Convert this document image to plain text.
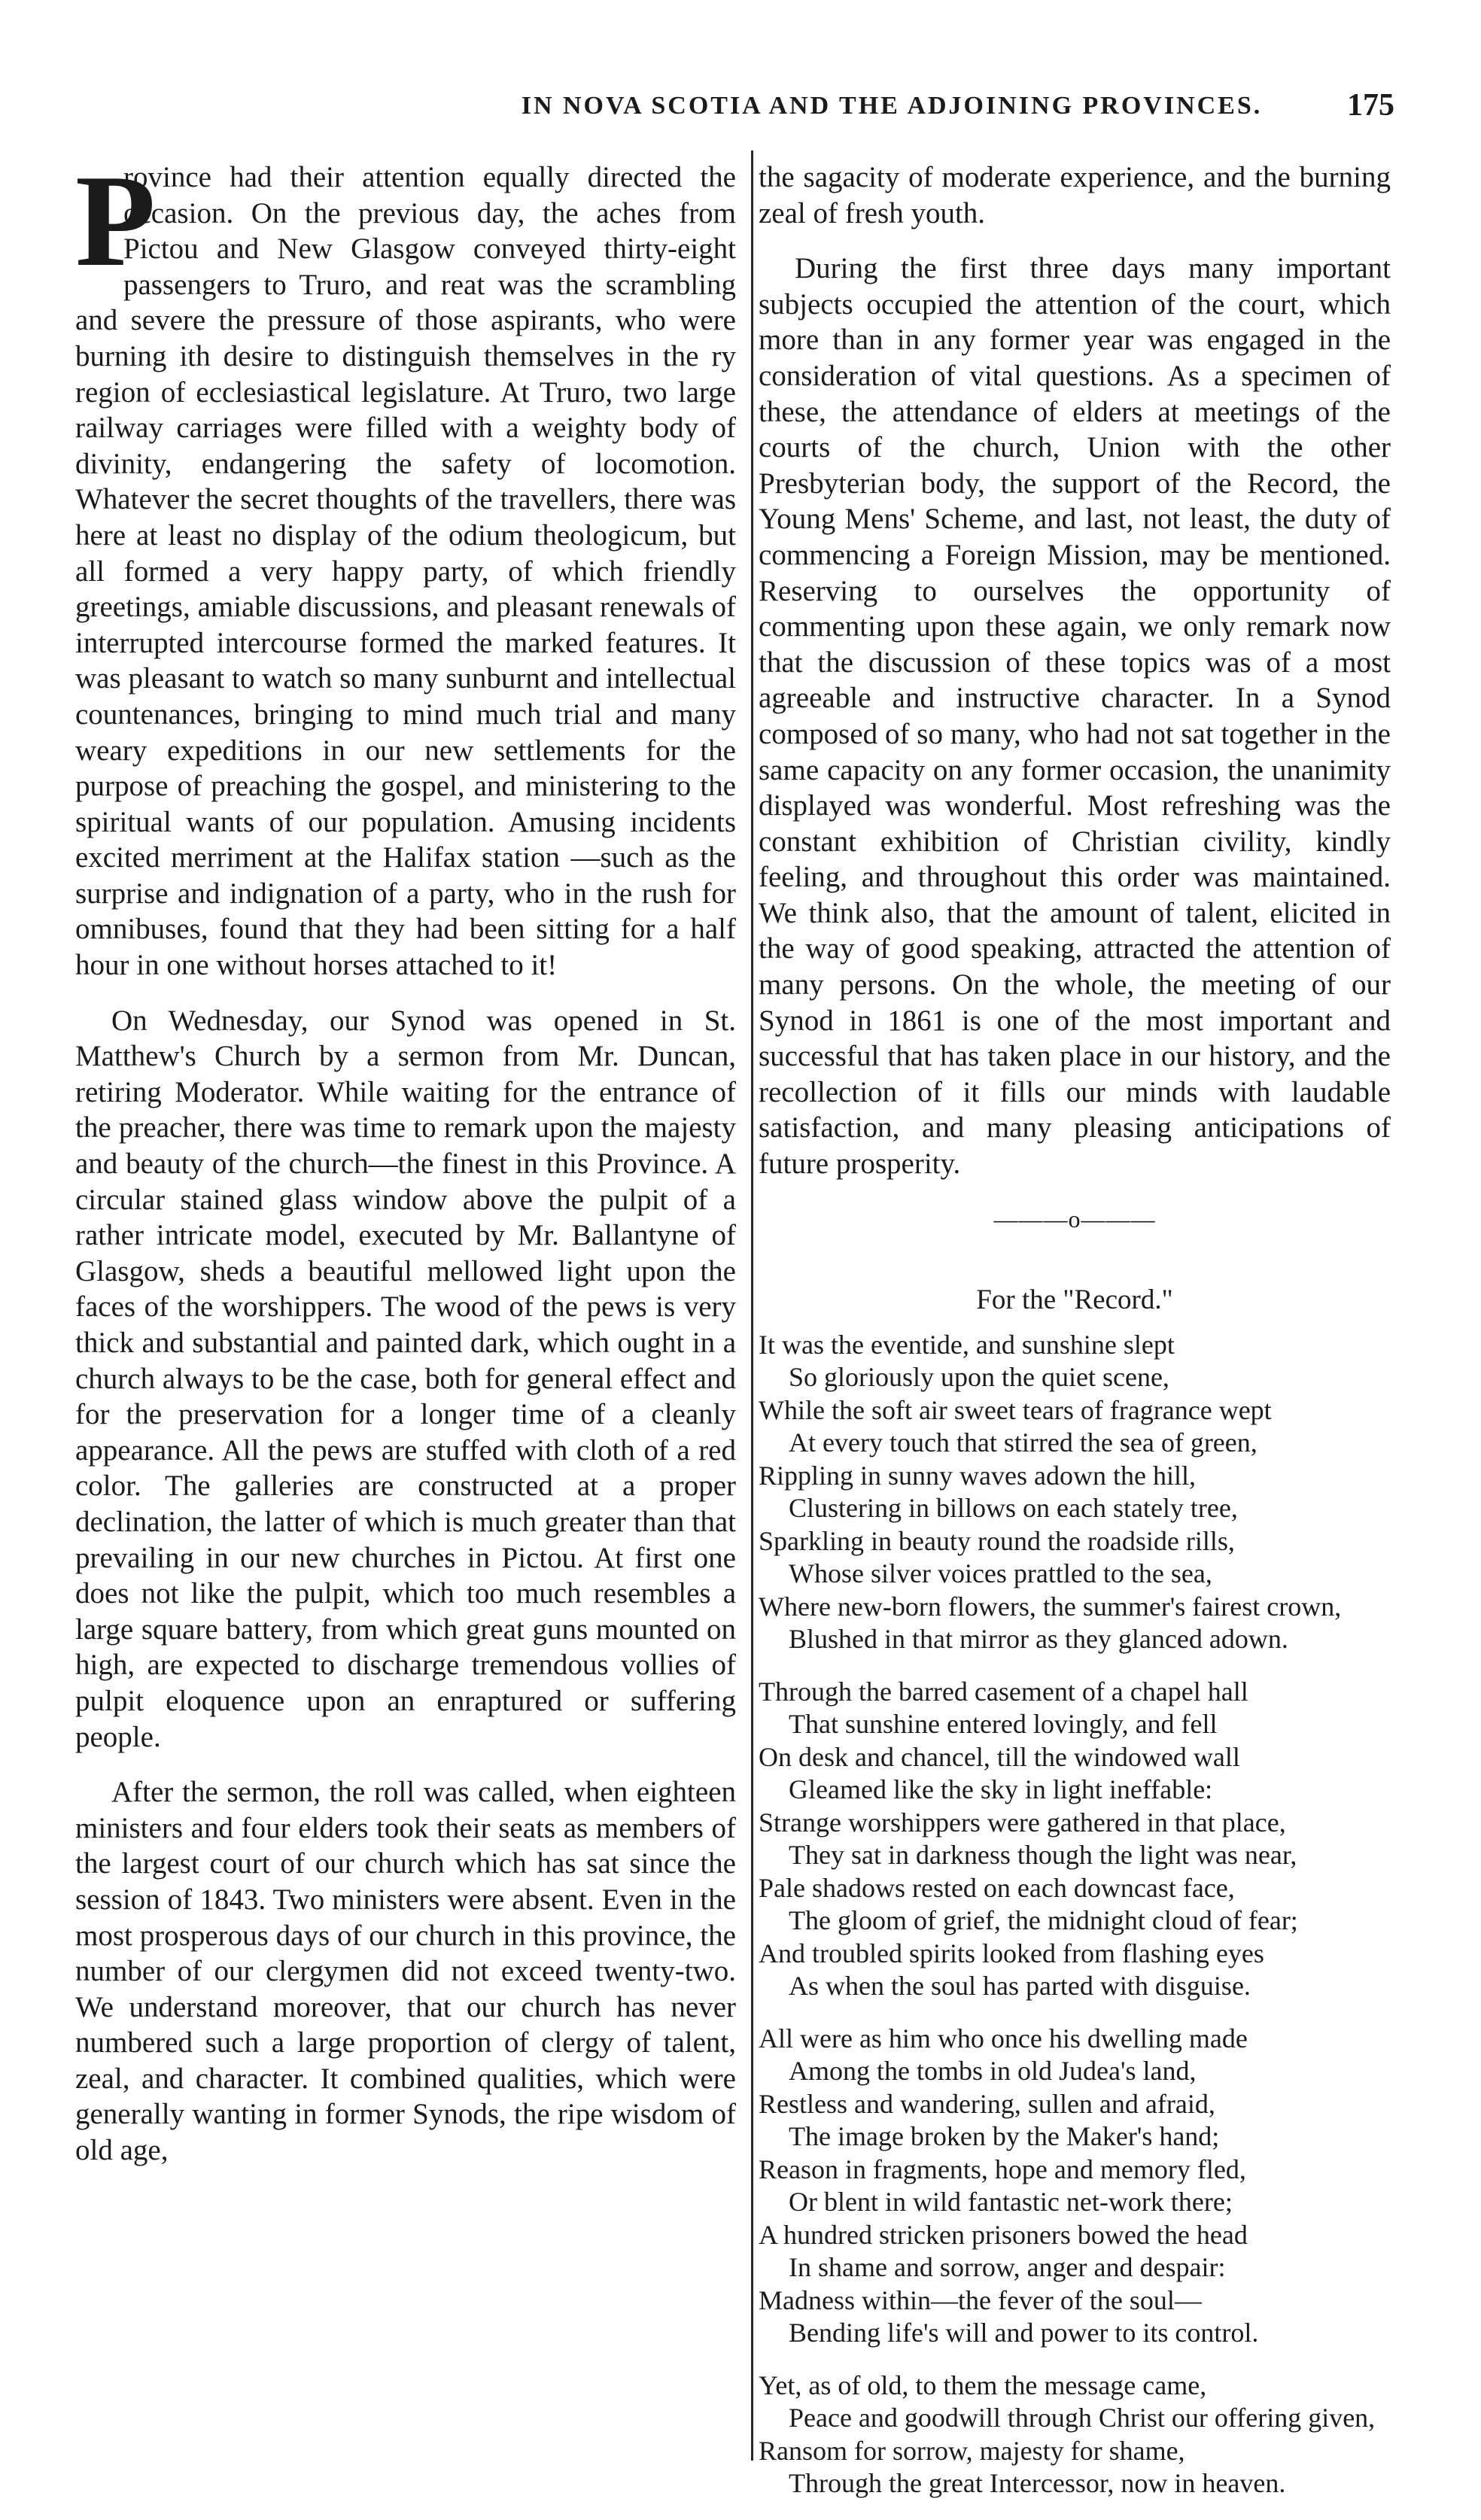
IN NOVA SCOTIA AND THE ADJOINING PROVINCES.	175

P
rovince had their attention equally directed the occasion. On the previous day, the aches from Pictou and New Glasgow conveyed thirty-eight passengers to Truro, and reat was the scrambling and severe the pressure of those aspirants, who were burning ith desire to distinguish themselves in the ry region of ecclesiastical legislature. At Truro, two large railway carriages were filled with a weighty body of divinity, endangering the safety of locomotion. Whatever the secret thoughts of the travellers, there was here at least no display of the odium theologicum, but all formed a very happy party, of which friendly greetings, amiable discussions, and pleasant renewals of interrupted intercourse formed the marked features. It was pleasant to watch so many sunburnt and intellectual countenances, bringing to mind much trial and many weary expeditions in our new settlements for the purpose of preaching the gospel, and ministering to the spiritual wants of our population. Amusing incidents excited merriment at the Halifax station —such as the surprise and indignation of a party, who in the rush for omnibuses, found that they had been sitting for a half hour in one without horses attached to it!

On Wednesday, our Synod was opened in St. Matthew's Church by a sermon from Mr. Duncan, retiring Moderator. While waiting for the entrance of the preacher, there was time to remark upon the majesty and beauty of the church—the finest in this Province. A circular stained glass window above the pulpit of a rather intricate model, executed by Mr. Ballantyne of Glasgow, sheds a beautiful mellowed light upon the faces of the worshippers. The wood of the pews is very thick and substantial and painted dark, which ought in a church always to be the case, both for general effect and for the preservation for a longer time of a cleanly appearance. All the pews are stuffed with cloth of a red color. The galleries are constructed at a proper declination, the latter of which is much greater than that prevailing in our new churches in Pictou. At first one does not like the pulpit, which too much resembles a large square battery, from which great guns mounted on high, are expected to discharge tremendous vollies of pulpit eloquence upon an enraptured or suffering people.

After the sermon, the roll was called, when eighteen ministers and four elders took their seats as members of the largest court of our church which has sat since the session of 1843. Two ministers were absent. Even in the most prosperous days of our church in this province, the number of our clergymen did not exceed twenty-two. We understand moreover, that our church has never numbered such a large proportion of clergy of talent, zeal, and character. It combined qualities, which were generally wanting in former Synods, the ripe wisdom of old age,

the sagacity of moderate experience, and the burning zeal of fresh youth.

During the first three days many important subjects occupied the attention of the court, which more than in any former year was engaged in the consideration of vital questions. As a specimen of these, the attendance of elders at meetings of the courts of the church, Union with the other Presbyterian body, the support of the Record, the Young Mens' Scheme, and last, not least, the duty of commencing a Foreign Mission, may be mentioned. Reserving to ourselves the opportunity of commenting upon these again, we only remark now that the discussion of these topics was of a most agreeable and instructive character. In a Synod composed of so many, who had not sat together in the same capacity on any former occasion, the unanimity displayed was wonderful. Most refreshing was the constant exhibition of Christian civility, kindly feeling, and throughout this order was maintained. We think also, that the amount of talent, elicited in the way of good speaking, attracted the attention of many persons. On the whole, the meeting of our Synod in 1861 is one of the most important and successful that has taken place in our history, and the recollection of it fills our minds with laudable satisfaction, and many pleasing anticipations of future prosperity.

———o———
For the "Record."
It was the eventide, and sunshine slept
So gloriously upon the quiet scene,
While the soft air sweet tears of fragrance wept
At every touch that stirred the sea of green,
Rippling in sunny waves adown the hill,
Clustering in billows on each stately tree,
Sparkling in beauty round the roadside rills,
Whose silver voices prattled to the sea,
Where new-born flowers, the summer's fairest crown,
Blushed in that mirror as they glanced adown.
Through the barred casement of a chapel hall
That sunshine entered lovingly, and fell
On desk and chancel, till the windowed wall
Gleamed like the sky in light ineffable:
Strange worshippers were gathered in that place,
They sat in darkness though the light was near,
Pale shadows rested on each downcast face,
The gloom of grief, the midnight cloud of fear;
And troubled spirits looked from flashing eyes
As when the soul has parted with disguise.
All were as him who once his dwelling made
Among the tombs in old Judea's land,
Restless and wandering, sullen and afraid,
The image broken by the Maker's hand;
Reason in fragments, hope and memory fled,
Or blent in wild fantastic net-work there;
A hundred stricken prisoners bowed the head
In shame and sorrow, anger and despair:
Madness within—the fever of the soul—
Bending life's will and power to its control.
Yet, as of old, to them the message came,
Peace and goodwill through Christ our offering given,
Ransom for sorrow, majesty for shame,
Through the great Intercessor, now in heaven.
